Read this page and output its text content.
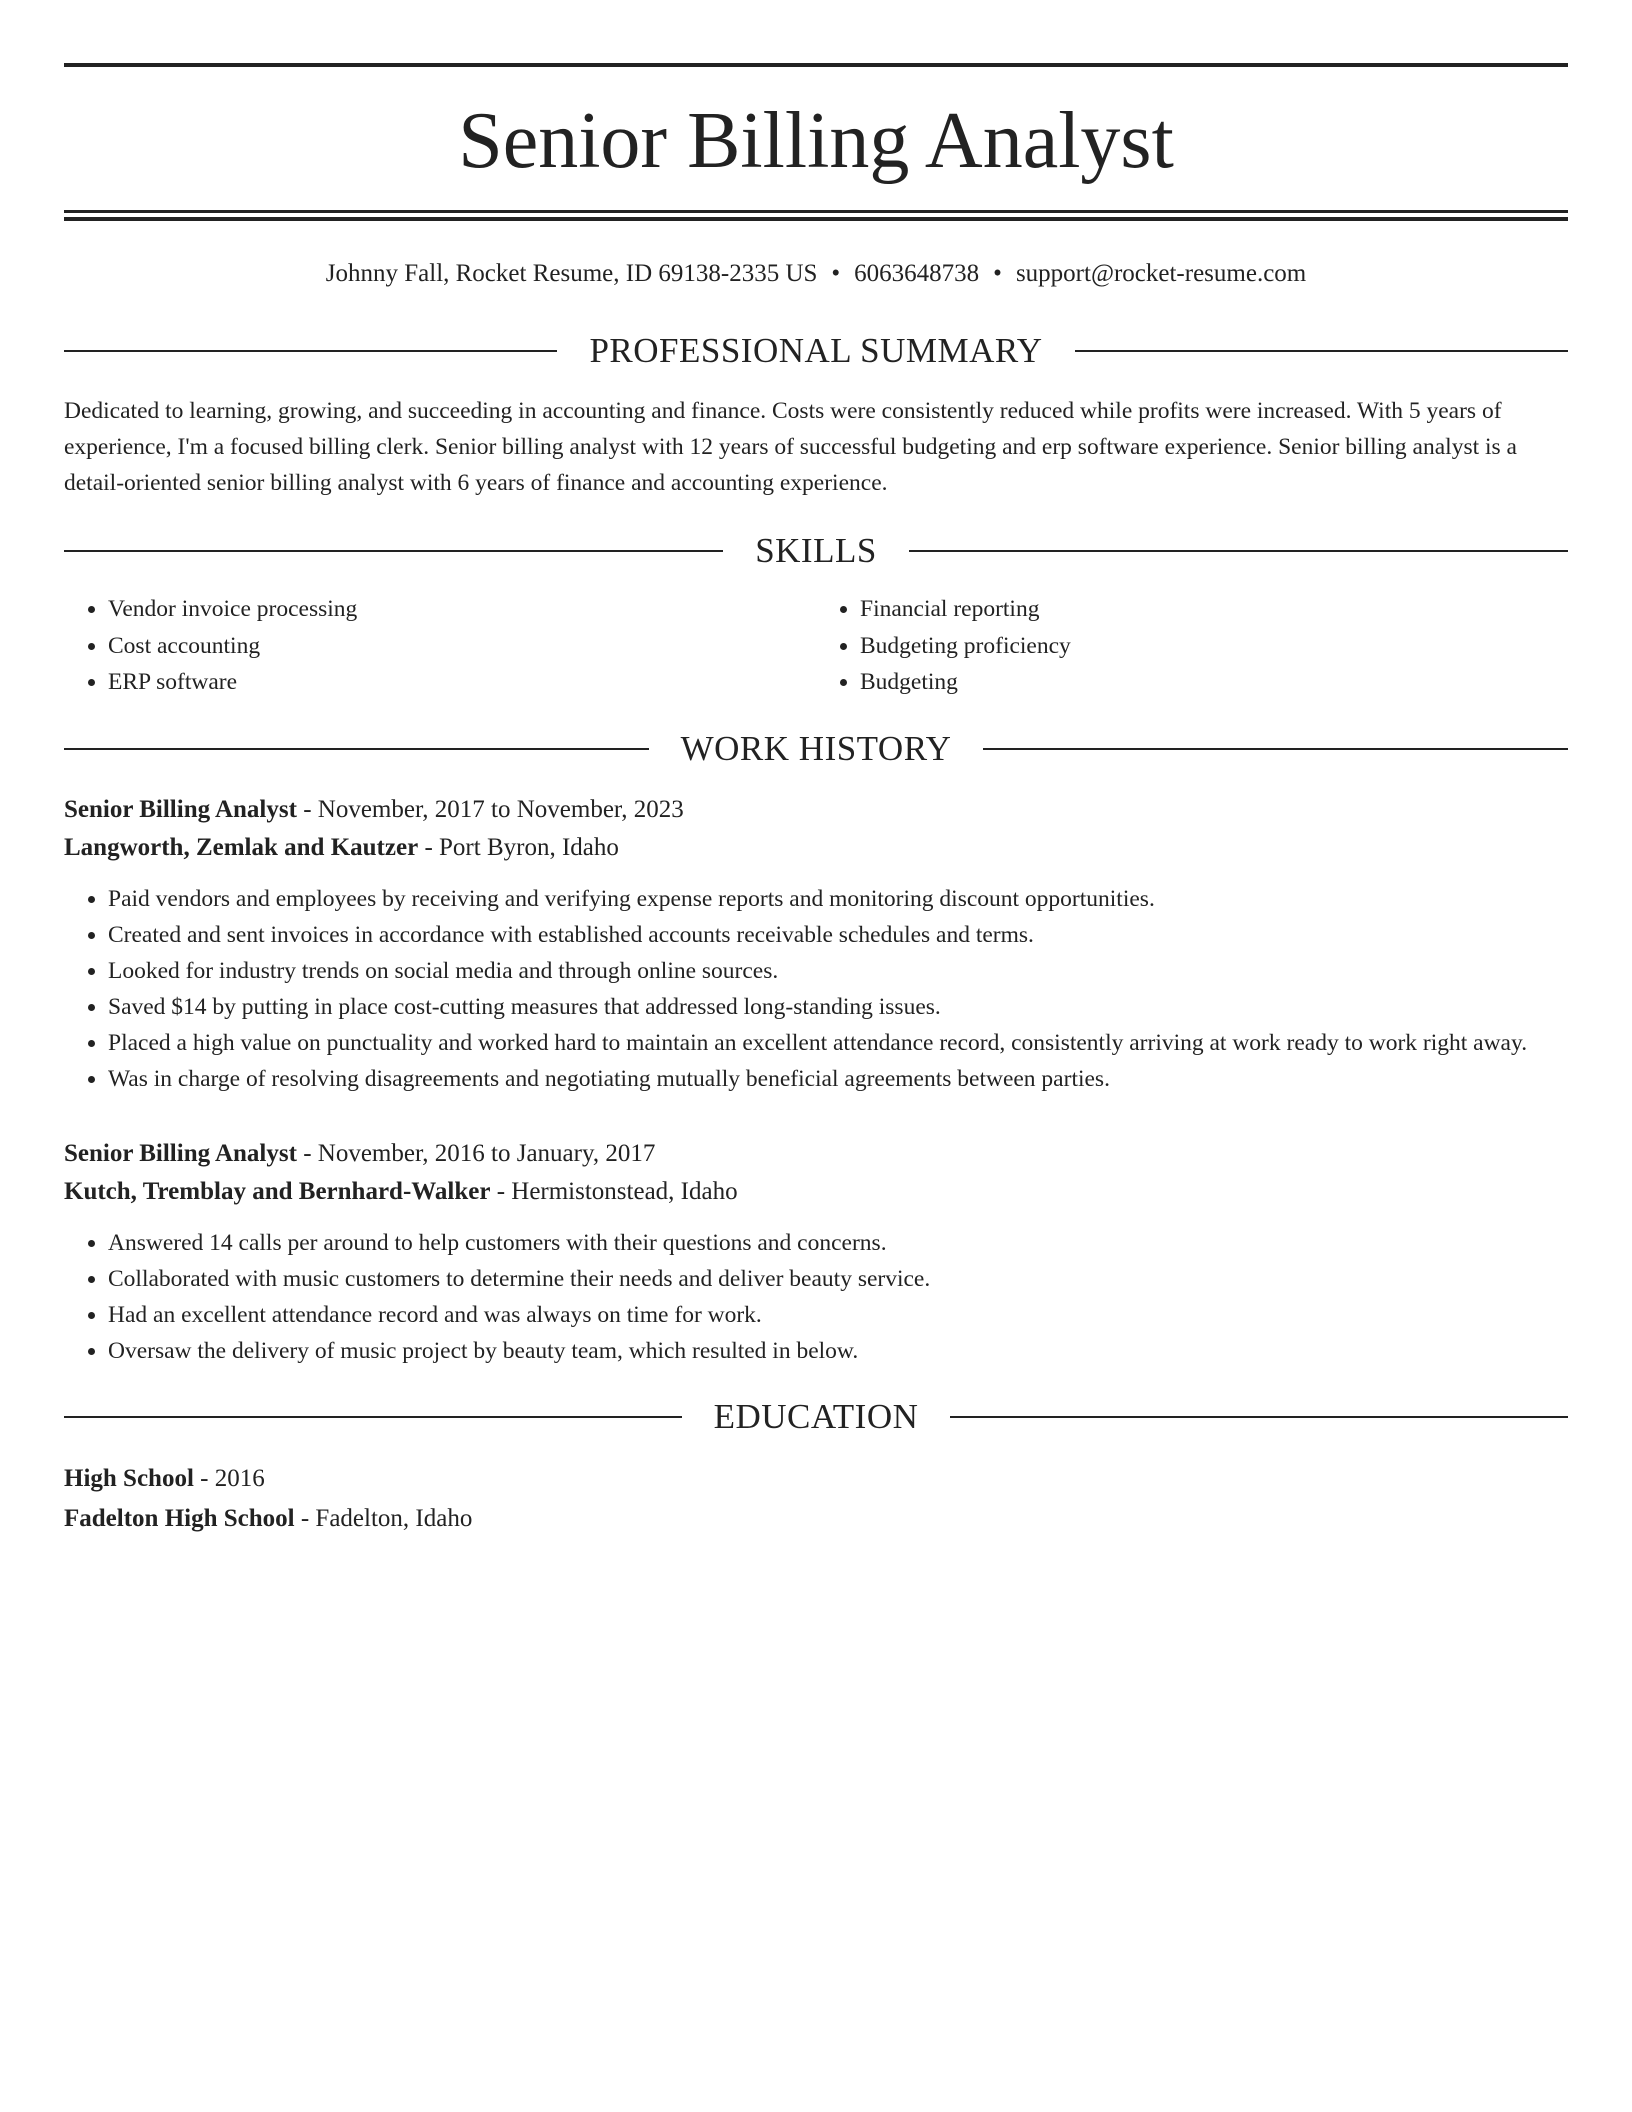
Senior Billing Analyst
Johnny Fall, Rocket Resume, ID 69138-2335 US • 6063648738 • support@rocket-resume.com
PROFESSIONAL SUMMARY

Dedicated to learning, growing, and succeeding in accounting and finance. Costs were consistently reduced while profits were increased. With 5 years of experience, I'm a focused billing clerk. Senior billing analyst with 12 years of successful budgeting and erp software experience. Senior billing analyst is a detail-oriented senior billing analyst with 6 years of finance and accounting experience.

SKILLS
• Vendor invoice processing
• Cost accounting
• ERP software
• Financial reporting
• Budgeting proficiency
• Budgeting
WORK HISTORY
Senior Billing Analyst - November, 2017 to November, 2023
Langworth, Zemlak and Kautzer - Port Byron, Idaho
• Paid vendors and employees by receiving and verifying expense reports and monitoring discount opportunities.
• Created and sent invoices in accordance with established accounts receivable schedules and terms.
• Looked for industry trends on social media and through online sources.
• Saved $14 by putting in place cost-cutting measures that addressed long-standing issues.
• Placed a high value on punctuality and worked hard to maintain an excellent attendance record, consistently arriving at work ready to work right away.
• Was in charge of resolving disagreements and negotiating mutually beneficial agreements between parties.
Senior Billing Analyst - November, 2016 to January, 2017
Kutch, Tremblay and Bernhard-Walker - Hermistonstead, Idaho
• Answered 14 calls per around to help customers with their questions and concerns.
• Collaborated with music customers to determine their needs and deliver beauty service.
• Had an excellent attendance record and was always on time for work.
• Oversaw the delivery of music project by beauty team, which resulted in below.
EDUCATION
High School - 2016
Fadelton High School - Fadelton, Idaho
